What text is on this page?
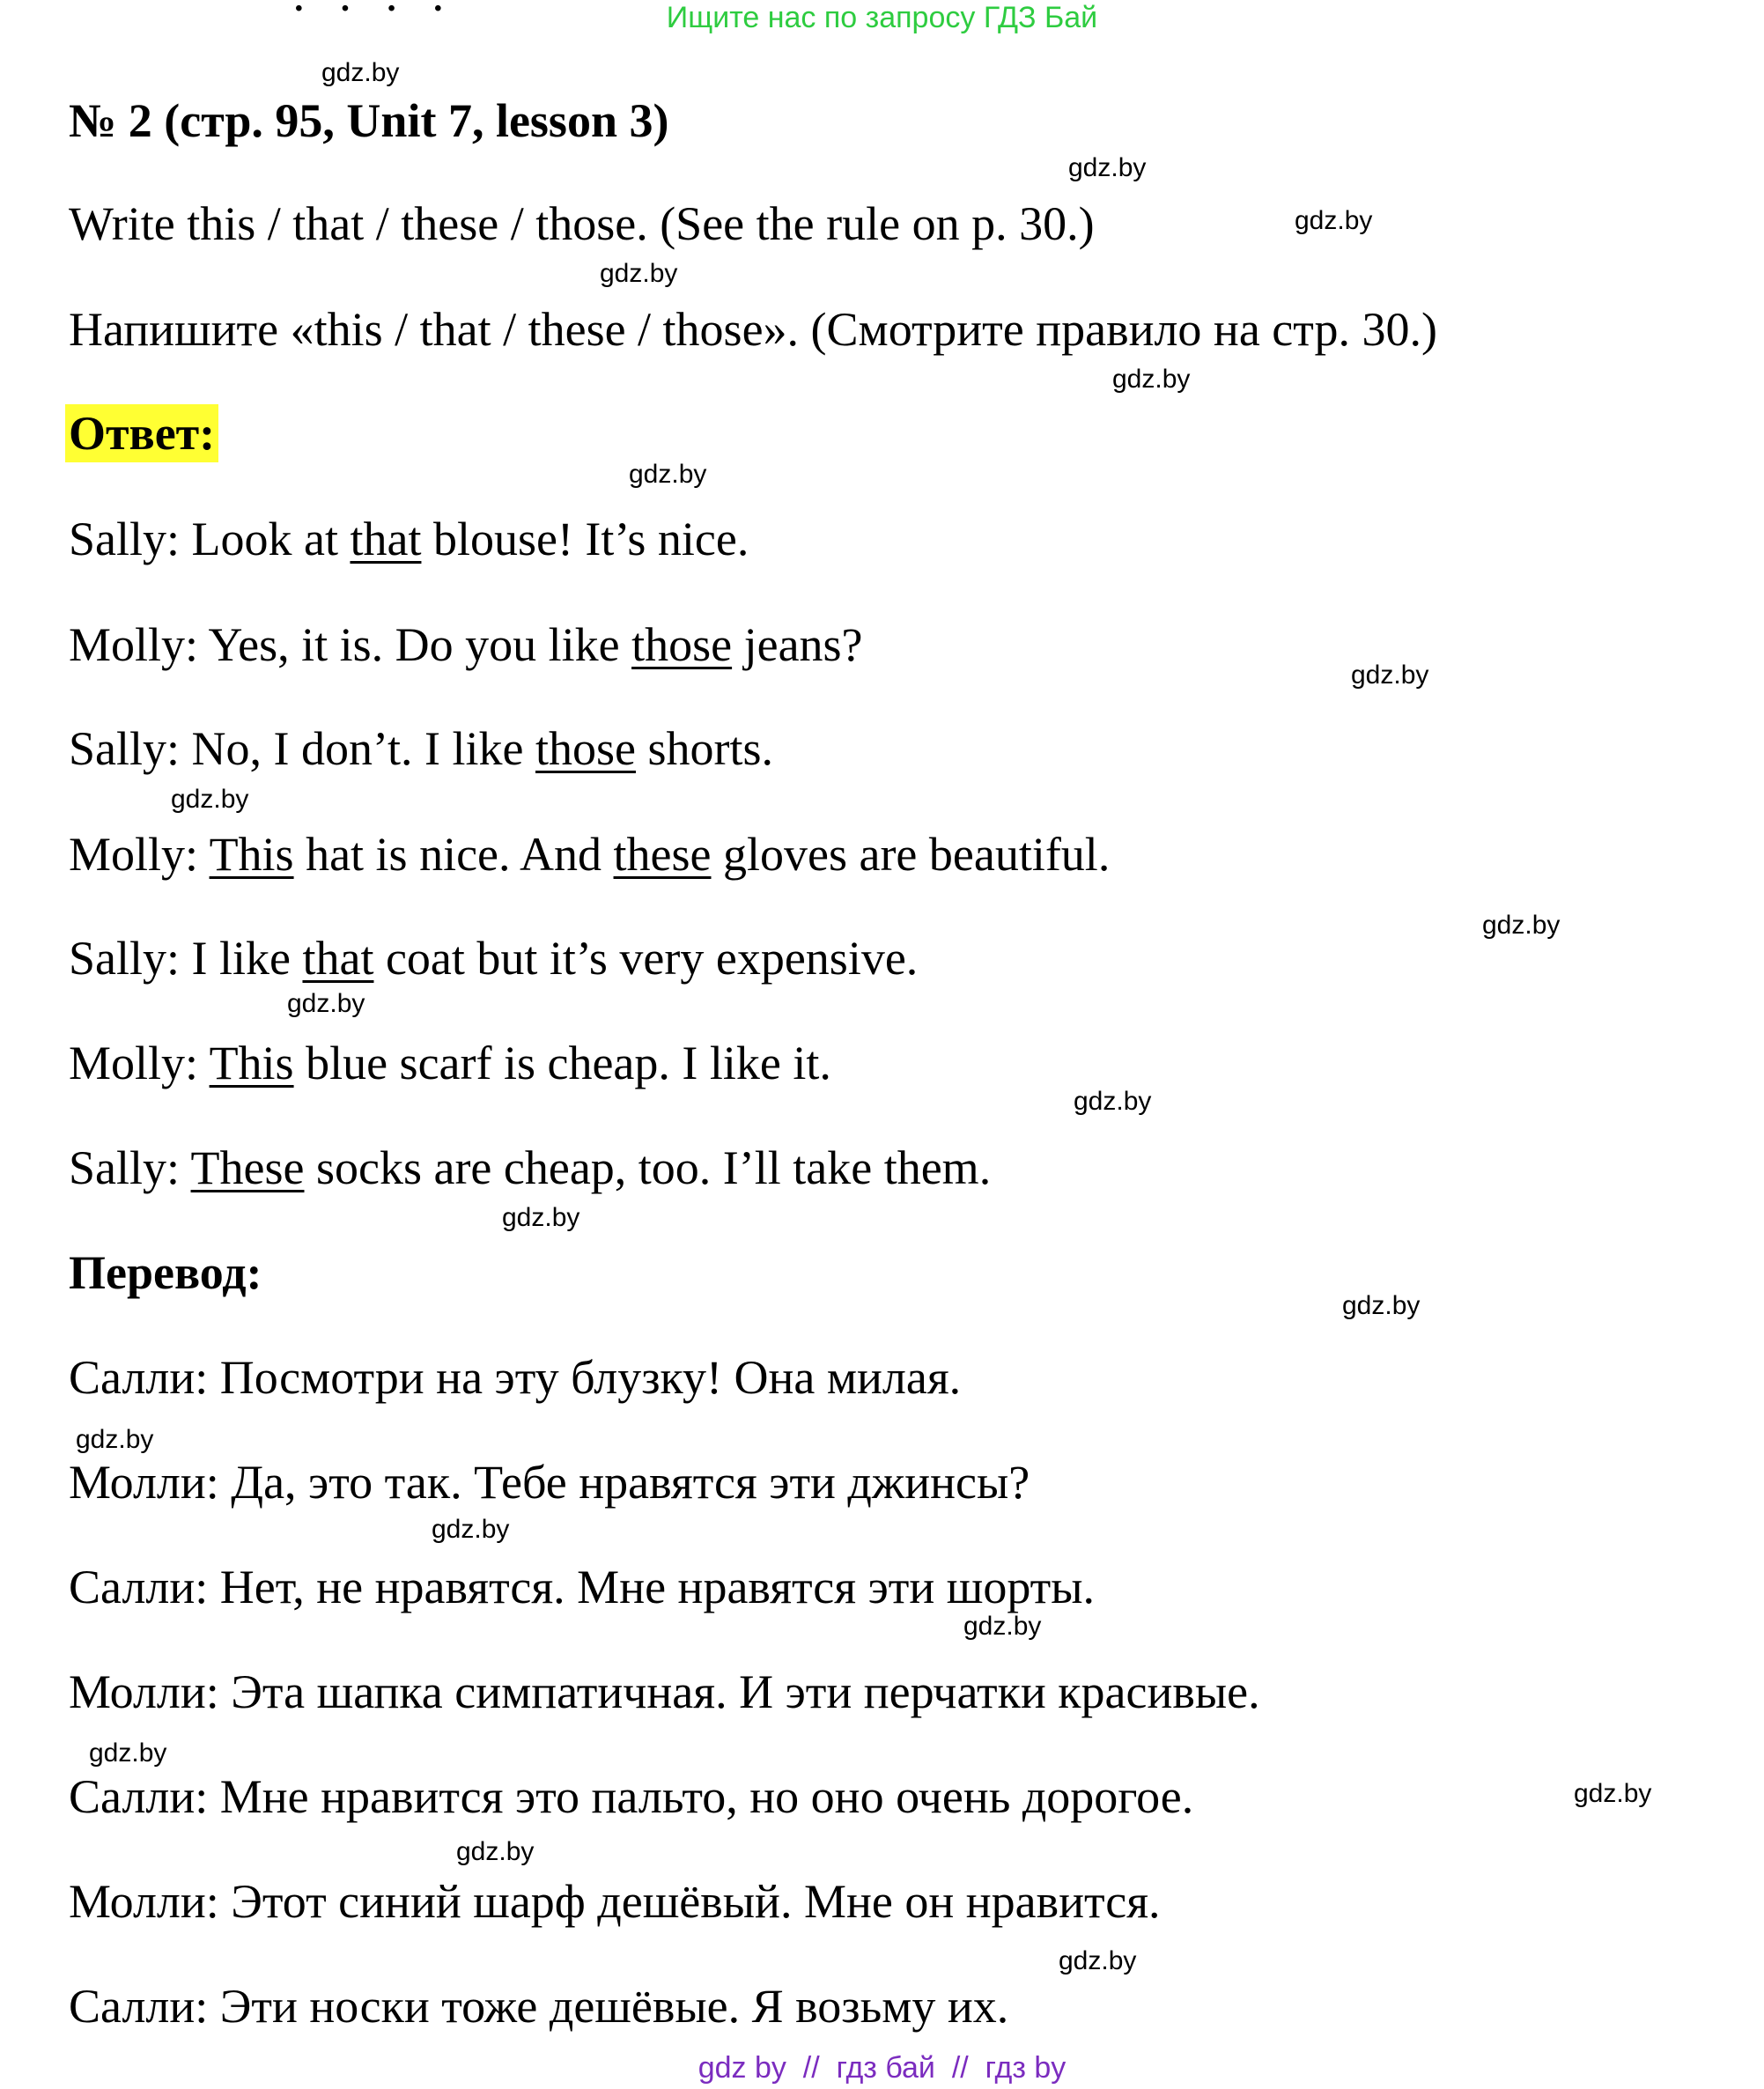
Ищите нас по запросу ГДЗ Бай
· · · ·
№ 2 (стр. 95, Unit 7, lesson 3)
Write this / that / these / those. (See the rule on p. 30.)
Напишите «this / that / these / those». (Смотрите правило на стр. 30.)
Ответ:
Sally: Look at that blouse! It’s nice.
Molly: Yes, it is. Do you like those jeans?
Sally: No, I don’t. I like those shorts.
Molly: This hat is nice. And these gloves are beautiful.
Sally: I like that coat but it’s very expensive.
Molly: This blue scarf is cheap. I like it.
Sally: These socks are cheap, too. I’ll take them.
Перевод:
Салли: Посмотри на эту блузку! Она милая.
Молли: Да, это так. Тебе нравятся эти джинсы?
Салли: Нет, не нравятся. Мне нравятся эти шорты.
Молли: Эта шапка симпатичная. И эти перчатки красивые.
Салли: Мне нравится это пальто, но оно очень дорогое.
Молли: Этот синий шарф дешёвый. Мне он нравится.
Салли: Эти носки тоже дешёвые. Я возьму их.
gdz.by
gdz.by
gdz.by
gdz.by
gdz.by
gdz.by
gdz.by
gdz.by
gdz.by
gdz.by
gdz.by
gdz.by
gdz.by
gdz.by
gdz.by
gdz.by
gdz.by
gdz.by
gdz.by
gdz.by
gdz by  //  гдз бай  //  гдз by
